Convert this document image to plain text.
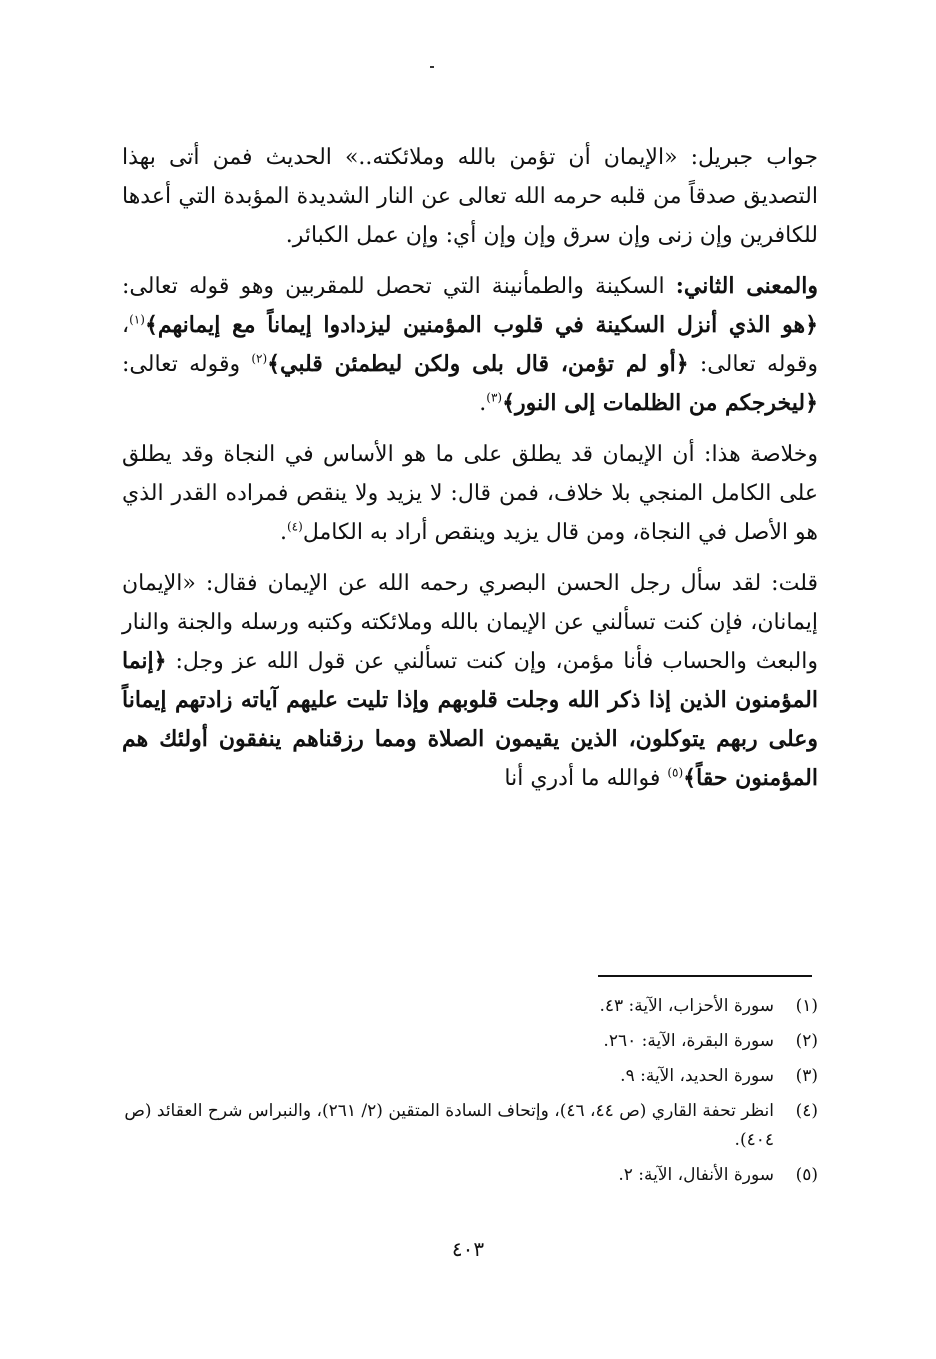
جواب جبريل: «الإيمان أن تؤمن بالله وملائكته..» الحديث فمن أتى بهذا التصديق صدقاً من قلبه حرمه الله تعالى عن النار الشديدة المؤبدة التي أعدها للكافرين وإن زنى وإن سرق وإن وإن أي: وإن عمل الكبائر.

والمعنى الثاني: السكينة والطمأنينة التي تحصل للمقربين وهو قوله تعالى: ﴿هو الذي أنزل السكينة في قلوب المؤمنين ليزدادوا إيماناً مع إيمانهم﴾$^{(١)}$، وقوله تعالى: ﴿أو لم تؤمن، قال بلى ولكن ليطمئن قلبي﴾$^{(٢)}$ وقوله تعالى: ﴿ليخرجكم من الظلمات إلى النور﴾$^{(٣)}$.

وخلاصة هذا: أن الإيمان قد يطلق على ما هو الأساس في النجاة وقد يطلق على الكامل المنجي بلا خلاف، فمن قال: لا يزيد ولا ينقص فمراده القدر الذي هو الأصل في النجاة، ومن قال يزيد وينقص أراد به الكامل$^{(٤)}$.

قلت: لقد سأل رجل الحسن البصري رحمه الله عن الإيمان فقال: «الإيمان إيمانان، فإن كنت تسألني عن الإيمان بالله وملائكته وكتبه ورسله والجنة والنار والبعث والحساب فأنا مؤمن، وإن كنت تسألني عن قول الله عز وجل: ﴿إنما المؤمنون الذين إذا ذكر الله وجلت قلوبهم وإذا تليت عليهم آياته زادتهم إيماناً وعلى ربهم يتوكلون، الذين يقيمون الصلاة ومما رزقناهم ينفقون أولئك هم المؤمنون حقاً﴾$^{(٥)}$ فوالله ما أدري أنا

(١)
سورة الأحزاب، الآية: ٤٣.
(٢)
سورة البقرة، الآية: ٢٦٠.
(٣)
سورة الحديد، الآية: ٩.
(٤)
انظر تحفة القاري (ص ٤٤، ٤٦)، وإتحاف السادة المتقين (٢/ ٢٦١)، والنبراس شرح العقائد (ص ٤٠٤).
(٥)
سورة الأنفال، الآية: ٢.
٤٠٣
